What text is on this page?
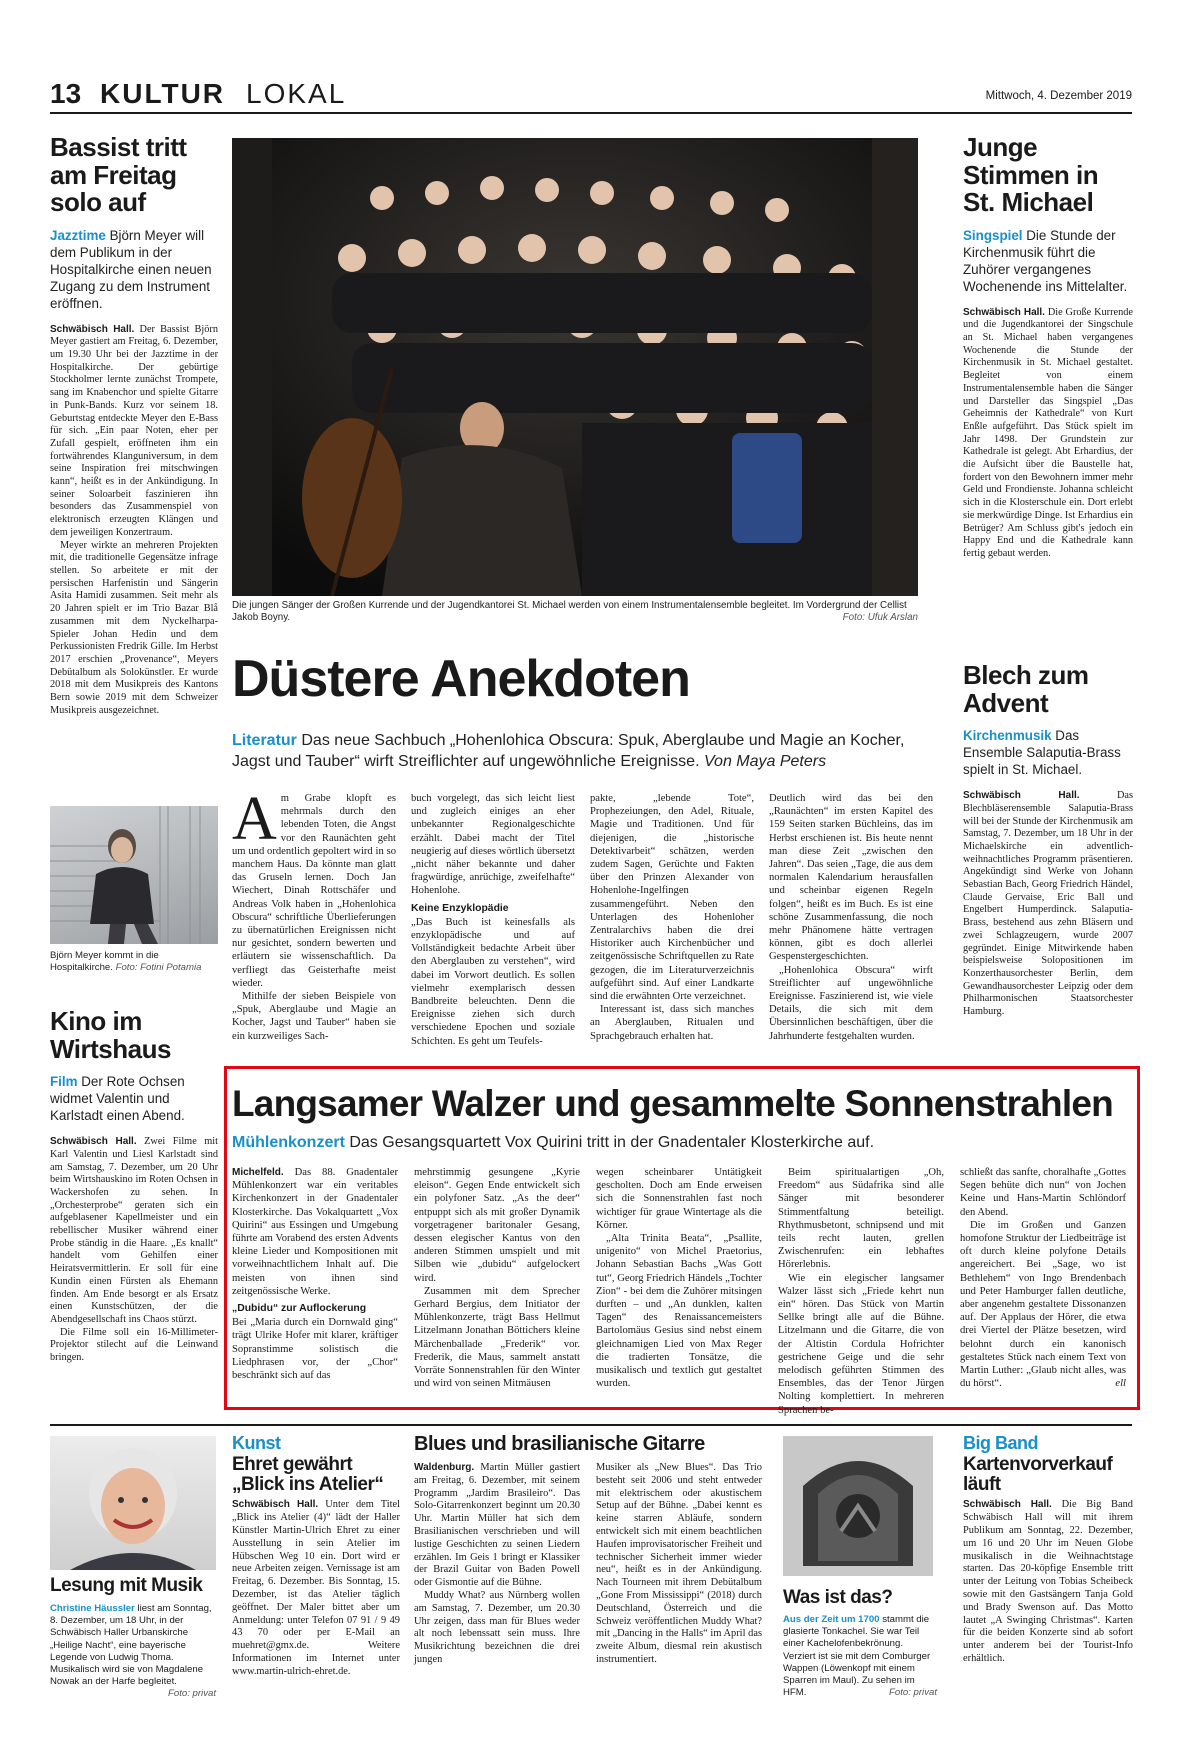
13 KULTUR LOKAL	Mittwoch, 4. Dezember 2019
Bassist tritt am Freitag solo auf
Jazztime Björn Meyer will dem Publikum in der Hospitalkirche einen neuen Zugang zu dem Instrument eröffnen.

Schwäbisch Hall. Der Bassist Björn Meyer gastiert am Freitag, 6. Dezember, um 19.30 Uhr bei der Jazztime in der Hospitalkirche. Der gebürtige Stockholmer lernte zunächst Trompete, sang im Knabenchor und spielte Gitarre in Punk-Bands. Kurz vor seinem 18. Geburtstag entdeckte Meyer den E-Bass für sich. „Ein paar Noten, eher per Zufall gespielt, eröffneten ihm ein fortwährendes Klanguniversum, in dem seine Inspiration frei mitschwingen kann“, heißt es in der Ankündigung. In seiner Soloarbeit faszinieren ihn besonders das Zusammenspiel von elektronisch erzeugten Klängen und dem jeweiligen Konzertraum.

Meyer wirkte an mehreren Projekten mit, die traditionelle Gegensätze infrage stellen. So arbeitete er mit der persischen Harfenistin und Sängerin Asita Hamidi zusammen. Seit mehr als 20 Jahren spielt er im Trio Bazar Blå zusammen mit dem Nyckelharpa-Spieler Johan Hedin und dem Perkussionisten Fredrik Gille. Im Herbst 2017 erschien „Provenance“, Meyers Debütalbum als Solokünstler. Er wurde 2018 mit dem Musikpreis des Kantons Bern sowie 2019 mit dem Schweizer Musikpreis ausgezeichnet.

Björn Meyer kommt in die Hospitalkirche. Foto: Fotini Potamia
Kino im Wirtshaus
Film Der Rote Ochsen widmet Valentin und Karlstadt einen Abend.

Schwäbisch Hall. Zwei Filme mit Karl Valentin und Liesl Karlstadt sind am Samstag, 7. Dezember, um 20 Uhr beim Wirtshauskino im Roten Ochsen in Wackershofen zu sehen. In „Orchesterprobe“ geraten sich ein aufgeblasener Kapellmeister und ein rebellischer Musiker während einer Probe ständig in die Haare. „Es knallt“ handelt vom Gehilfen einer Heiratsvermittlerin. Er soll für eine Kundin einen Fürsten als Ehemann finden. Am Ende besorgt er als Ersatz einen Kunstschützen, der die Abendgesellschaft ins Chaos stürzt.

Die Filme soll ein 16-Millimeter-Projektor stilecht auf die Leinwand bringen.

Die jungen Sänger der Großen Kurrende und der Jugendkantorei St. Michael werden von einem Instrumentalensemble begleitet. Im Vordergrund der Cellist Jakob Boyny.	Foto: Ufuk Arslan
Junge Stimmen in St. Michael
Singspiel Die Stunde der Kirchenmusik führt die Zuhörer vergangenes Wochenende ins Mittelalter.

Schwäbisch Hall. Die Große Kurrende und die Jugendkantorei der Singschule an St. Michael haben vergangenes Wochenende die Stunde der Kirchenmusik in St. Michael gestaltet. Begleitet von einem Instrumentalensemble haben die Sänger und Darsteller das Singspiel „Das Geheimnis der Kathedrale“ von Kurt Enßle aufgeführt. Das Stück spielt im Jahr 1498. Der Grundstein zur Kathedrale ist gelegt. Abt Erhardius, der die Aufsicht über die Baustelle hat, fordert von den Bewohnern immer mehr Geld und Frondienste. Johanna schleicht sich in die Klosterschule ein. Dort erlebt sie merkwürdige Dinge. Ist Erhardius ein Betrüger? Am Schluss gibt's jedoch ein Happy End und die Kathedrale kann fertig gebaut werden.

Blech zum Advent
Kirchenmusik Das Ensemble Salaputia-Brass spielt in St. Michael.

Schwäbisch Hall.	Das Blechbläserensemble Salaputia-Brass will bei der Stunde der Kirchenmusik am Samstag, 7. Dezember, um 18 Uhr in der Michaelskirche ein adventlich-weihnachtliches Programm präsentieren. Angekündigt sind Werke von Johann Sebastian Bach, Georg Friedrich Händel, Claude Gervaise, Eric Ball und Engelbert Humperdinck. Salaputia-Brass, bestehend aus zehn Bläsern und zwei Schlagzeugern, wurde 2007 gegründet. Einige Mitwirkende haben beispielsweise Solopositionen im Konzerthausorchester Berlin, dem Gewandhausorchester Leipzig oder dem Philharmonischen Staatsorchester Hamburg.

Düstere Anekdoten
Literatur Das neue Sachbuch „Hohenlohica Obscura: Spuk, Aberglaube und Magie an Kocher, Jagst und Tauber“ wirft Streiflichter auf ungewöhnliche Ereignisse. Von Maya Peters

Am Grabe klopft es mehrmals durch den lebenden Toten, die Angst vor den Raunächten geht um und ordentlich gepoltert wird in so manchem Haus. Da könnte man glatt das Gruseln lernen. Doch Jan Wiechert, Dinah Rottschäfer und Andreas Volk haben in „Hohenlohica Obscura“ schriftliche Überlieferungen zu übernatürlichen Ereignissen nicht nur gesichtet, sondern bewerten und erläutern sie wissenschaftlich. Da verfliegt das Geisterhafte meist wieder.

Mithilfe der sieben Beispiele von „Spuk, Aberglaube und Magie an Kocher, Jagst und Tauber“ haben sie ein kurzweiliges Sach-

buch vorgelegt, das sich leicht liest und zugleich einiges an eher unbekannter Regionalgeschichte erzählt. Dabei macht der Titel neugierig auf dieses wörtlich übersetzt „nicht näher bekannte und daher fragwürdige, anrüchige, zweifelhafte“ Hohenlohe.

Keine Enzyklopädie

„Das Buch ist keinesfalls als enzyklopädische und auf Vollständigkeit bedachte Arbeit über den Aberglauben zu verstehen“, wird dabei im Vorwort deutlich. Es sollen vielmehr exemplarisch dessen Bandbreite beleuchten. Denn die Ereignisse ziehen sich durch verschiedene Epochen und soziale Schichten. Es geht um Teufels-

pakte, „lebende Tote“, Prophezeiungen, den Adel, Rituale, Magie und Traditionen. Und für diejenigen, die „historische Detektivarbeit“ schätzen, werden zudem Sagen, Gerüchte und Fakten über den Prinzen Alexander von Hohenlohe-Ingelfingen zusammengeführt. Neben den Unterlagen des Hohenloher Zentralarchivs haben die drei Historiker auch Kirchenbücher und zeitgenössische Schriftquellen zu Rate gezogen, die im Literaturverzeichnis aufgeführt sind. Auf einer Landkarte sind die erwähnten Orte verzeichnet.

Interessant ist, dass sich manches an Aberglauben, Ritualen und Sprachgebrauch erhalten hat.

Deutlich wird das bei den „Raunächten“ im ersten Kapitel des 159 Seiten starken Büchleins, das im Herbst erschienen ist. Bis heute nennt man diese Zeit „zwischen den Jahren“. Das seien „Tage, die aus dem normalen Kalendarium herausfallen und scheinbar eigenen Regeln folgen“, heißt es im Buch. Es ist eine schöne Zusammenfassung, die noch mehr Phänomene hätte vertragen können, gibt es doch allerlei Gespenstergeschichten.

„Hohenlohica Obscura“ wirft Streiflichter auf ungewöhnliche Ereignisse. Faszinierend ist, wie viele Details, die sich mit dem Übersinnlichen beschäftigen, über die Jahrhunderte festgehalten wurden.

Langsamer Walzer und gesammelte Sonnenstrahlen
Mühlenkonzert Das Gesangsquartett Vox Quirini tritt in der Gnadentaler Klosterkirche auf.

Michelfeld. Das 88. Gnadentaler Mühlenkonzert war ein veritables Kirchenkonzert in der Gnadentaler Klosterkirche. Das Vokalquartett „Vox Quirini“ aus Essingen und Umgebung führte am Vorabend des ersten Advents kleine Lieder und Kompositionen mit vorweihnachtlichem Inhalt auf. Die meisten von ihnen sind zeitgenössische Werke.

„Dubidu“ zur Auflockerung

Bei „Maria durch ein Dornwald ging“ trägt Ulrike Hofer mit klarer, kräftiger Sopranstimme solistisch die Liedphrasen vor, der „Chor“ beschränkt sich auf das

mehrstimmig gesungene „Kyrie eleison“. Gegen Ende entwickelt sich ein polyfoner Satz. „As the deer“ entpuppt sich als mit großer Dynamik vorgetragener baritonaler Gesang, dessen elegischer Kantus von den anderen Stimmen umspielt und mit Silben wie „dubidu“ aufgelockert wird.

Zusammen mit dem Sprecher Gerhard Bergius, dem Initiator der Mühlenkonzerte, trägt Bass Hellmut Litzelmann Jonathan Böttichers kleine Märchenballade „Frederik“ vor. Frederik, die Maus, sammelt anstatt Vorräte Sonnenstrahlen für den Winter und wird von seinen Mitmäusen

wegen scheinbarer Untätigkeit gescholten. Doch am Ende erweisen sich die Sonnenstrahlen fast noch wichtiger für graue Wintertage als die Körner.

„Alta Trinita Beata“, „Psallite, unigenito“ von Michel Praetorius, Johann Sebastian Bachs „Was Gott tut“, Georg Friedrich Händels „Tochter Zion“ - bei dem die Zuhörer mitsingen durften – und „An dunklen, kalten Tagen“ des Renaissancemeisters Bartolomäus Gesius sind nebst einem gleichnamigen Lied von Max Reger die tradierten Tonsätze, die musikalisch und textlich gut gestaltet wurden.

Beim spiritualartigen „Oh, Freedom“ aus Südafrika sind alle Sänger mit besonderer Stimmentfaltung beteiligt. Rhythmusbetont, schnipsend und mit teils recht lauten, grellen Zwischenrufen: ein lebhaftes Hörerlebnis.

Wie ein elegischer langsamer Walzer lässt sich „Friede kehrt nun ein“ hören. Das Stück von Martin Sellke bringt alle auf die Bühne. Litzelmann und die Gitarre, die von der Altistin Cordula Hofrichter gestrichene Geige und die sehr melodisch geführten Stimmen des Ensembles, das der Tenor Jürgen Nolting komplettiert. In mehreren Sprachen be-

schließt das sanfte, choralhafte „Gottes Segen behüte dich nun“ von Jochen Keine und Hans-Martin Schlöndorf den Abend.

Die im Großen und Ganzen homofone Struktur der Liedbeiträge ist oft durch kleine polyfone Details angereichert. Bei „Sage, wo ist Bethlehem“ von Ingo Brendenbach und Peter Hamburger fallen deutliche, aber angenehm gestaltete Dissonanzen auf. Der Applaus der Hörer, die etwa drei Viertel der Plätze besetzen, wird belohnt durch ein kanonisch gestaltetes Stück nach einem Text von Martin Luther: „Glaub nicht alles, was du hörst“.	ell

Lesung mit Musik
Christine Häussler liest am Sonntag, 8. Dezember, um 18 Uhr, in der Schwäbisch Haller Urbanskirche „Heilige Nacht“, eine bayerische Legende von Ludwig Thoma. Musikalisch wird sie von Magdalene Nowak an der Harfe begleitet.
Foto: privat
Kunst
Ehret gewährt „Blick ins Atelier“

Schwäbisch Hall. Unter dem Titel „Blick ins Atelier (4)“ lädt der Haller Künstler Martin-Ulrich Ehret zu einer Ausstellung in sein Atelier im Hübschen Weg 10 ein. Dort wird er neue Arbeiten zeigen. Vernissage ist am Freitag, 6. Dezember. Bis Sonntag, 15. Dezember, ist das Atelier täglich geöffnet. Der Maler bittet aber um Anmeldung: unter Telefon 07 91 / 9 49 43 70 oder per E-Mail an muehret@gmx.de. Weitere Informationen im Internet unter www.martin-ulrich-ehret.de.

Blues und brasilianische Gitarre

Waldenburg. Martin Müller gastiert am Freitag, 6. Dezember, mit seinem Programm „Jardim Brasileiro“. Das Solo-Gitarrenkonzert beginnt um 20.30 Uhr. Martin Müller hat sich dem Brasilianischen verschrieben und will lustige Geschichten zu seinen Liedern erzählen. Im Geis 1 bringt er Klassiker der Brazil Guitar von Baden Powell oder Gismontie auf die Bühne.

Muddy What? aus Nürnberg wollen am Samstag, 7. Dezember, um 20.30 Uhr zeigen, dass man für Blues weder alt noch lebenssatt sein muss. Ihre Musikrichtung bezeichnen die drei jungen

Musiker als „New Blues“. Das Trio besteht seit 2006 und steht entweder mit elektrischem oder akustischem Setup auf der Bühne. „Dabei kennt es keine starren Abläufe, sondern entwickelt sich mit einem beachtlichen Haufen improvisatorischer Freiheit und technischer Sicherheit immer wieder neu“, heißt es in der Ankündigung. Nach Tourneen mit ihrem Debütalbum „Gone From Mississippi“ (2018) durch Deutschland, Österreich und die Schweiz veröffentlichen Muddy What? mit „Dancing in the Halls“ im April das zweite Album, diesmal rein akustisch instrumentiert.

Was ist das?
Aus der Zeit um 1700 stammt die glasierte Tonkachel. Sie war Teil einer Kachelofenbekrönung. Verziert ist sie mit dem Comburger Wappen (Löwenkopf mit einem Sparren im Maul). Zu sehen im HFM.	Foto: privat
Big Band
Kartenvorverkauf läuft

Schwäbisch Hall. Die Big Band Schwäbisch Hall will mit ihrem Publikum am Sonntag, 22. Dezember, um 16 und 20 Uhr im Neuen Globe musikalisch in die Weihnachtstage starten. Das 20-köpfige Ensemble tritt unter der Leitung von Tobias Scheibeck sowie mit den Gastsängern Tanja Gold und Brady Swenson auf. Das Motto lautet „A Swinging Christmas“. Karten für die beiden Konzerte sind ab sofort unter anderem bei der Tourist-Info erhältlich.
